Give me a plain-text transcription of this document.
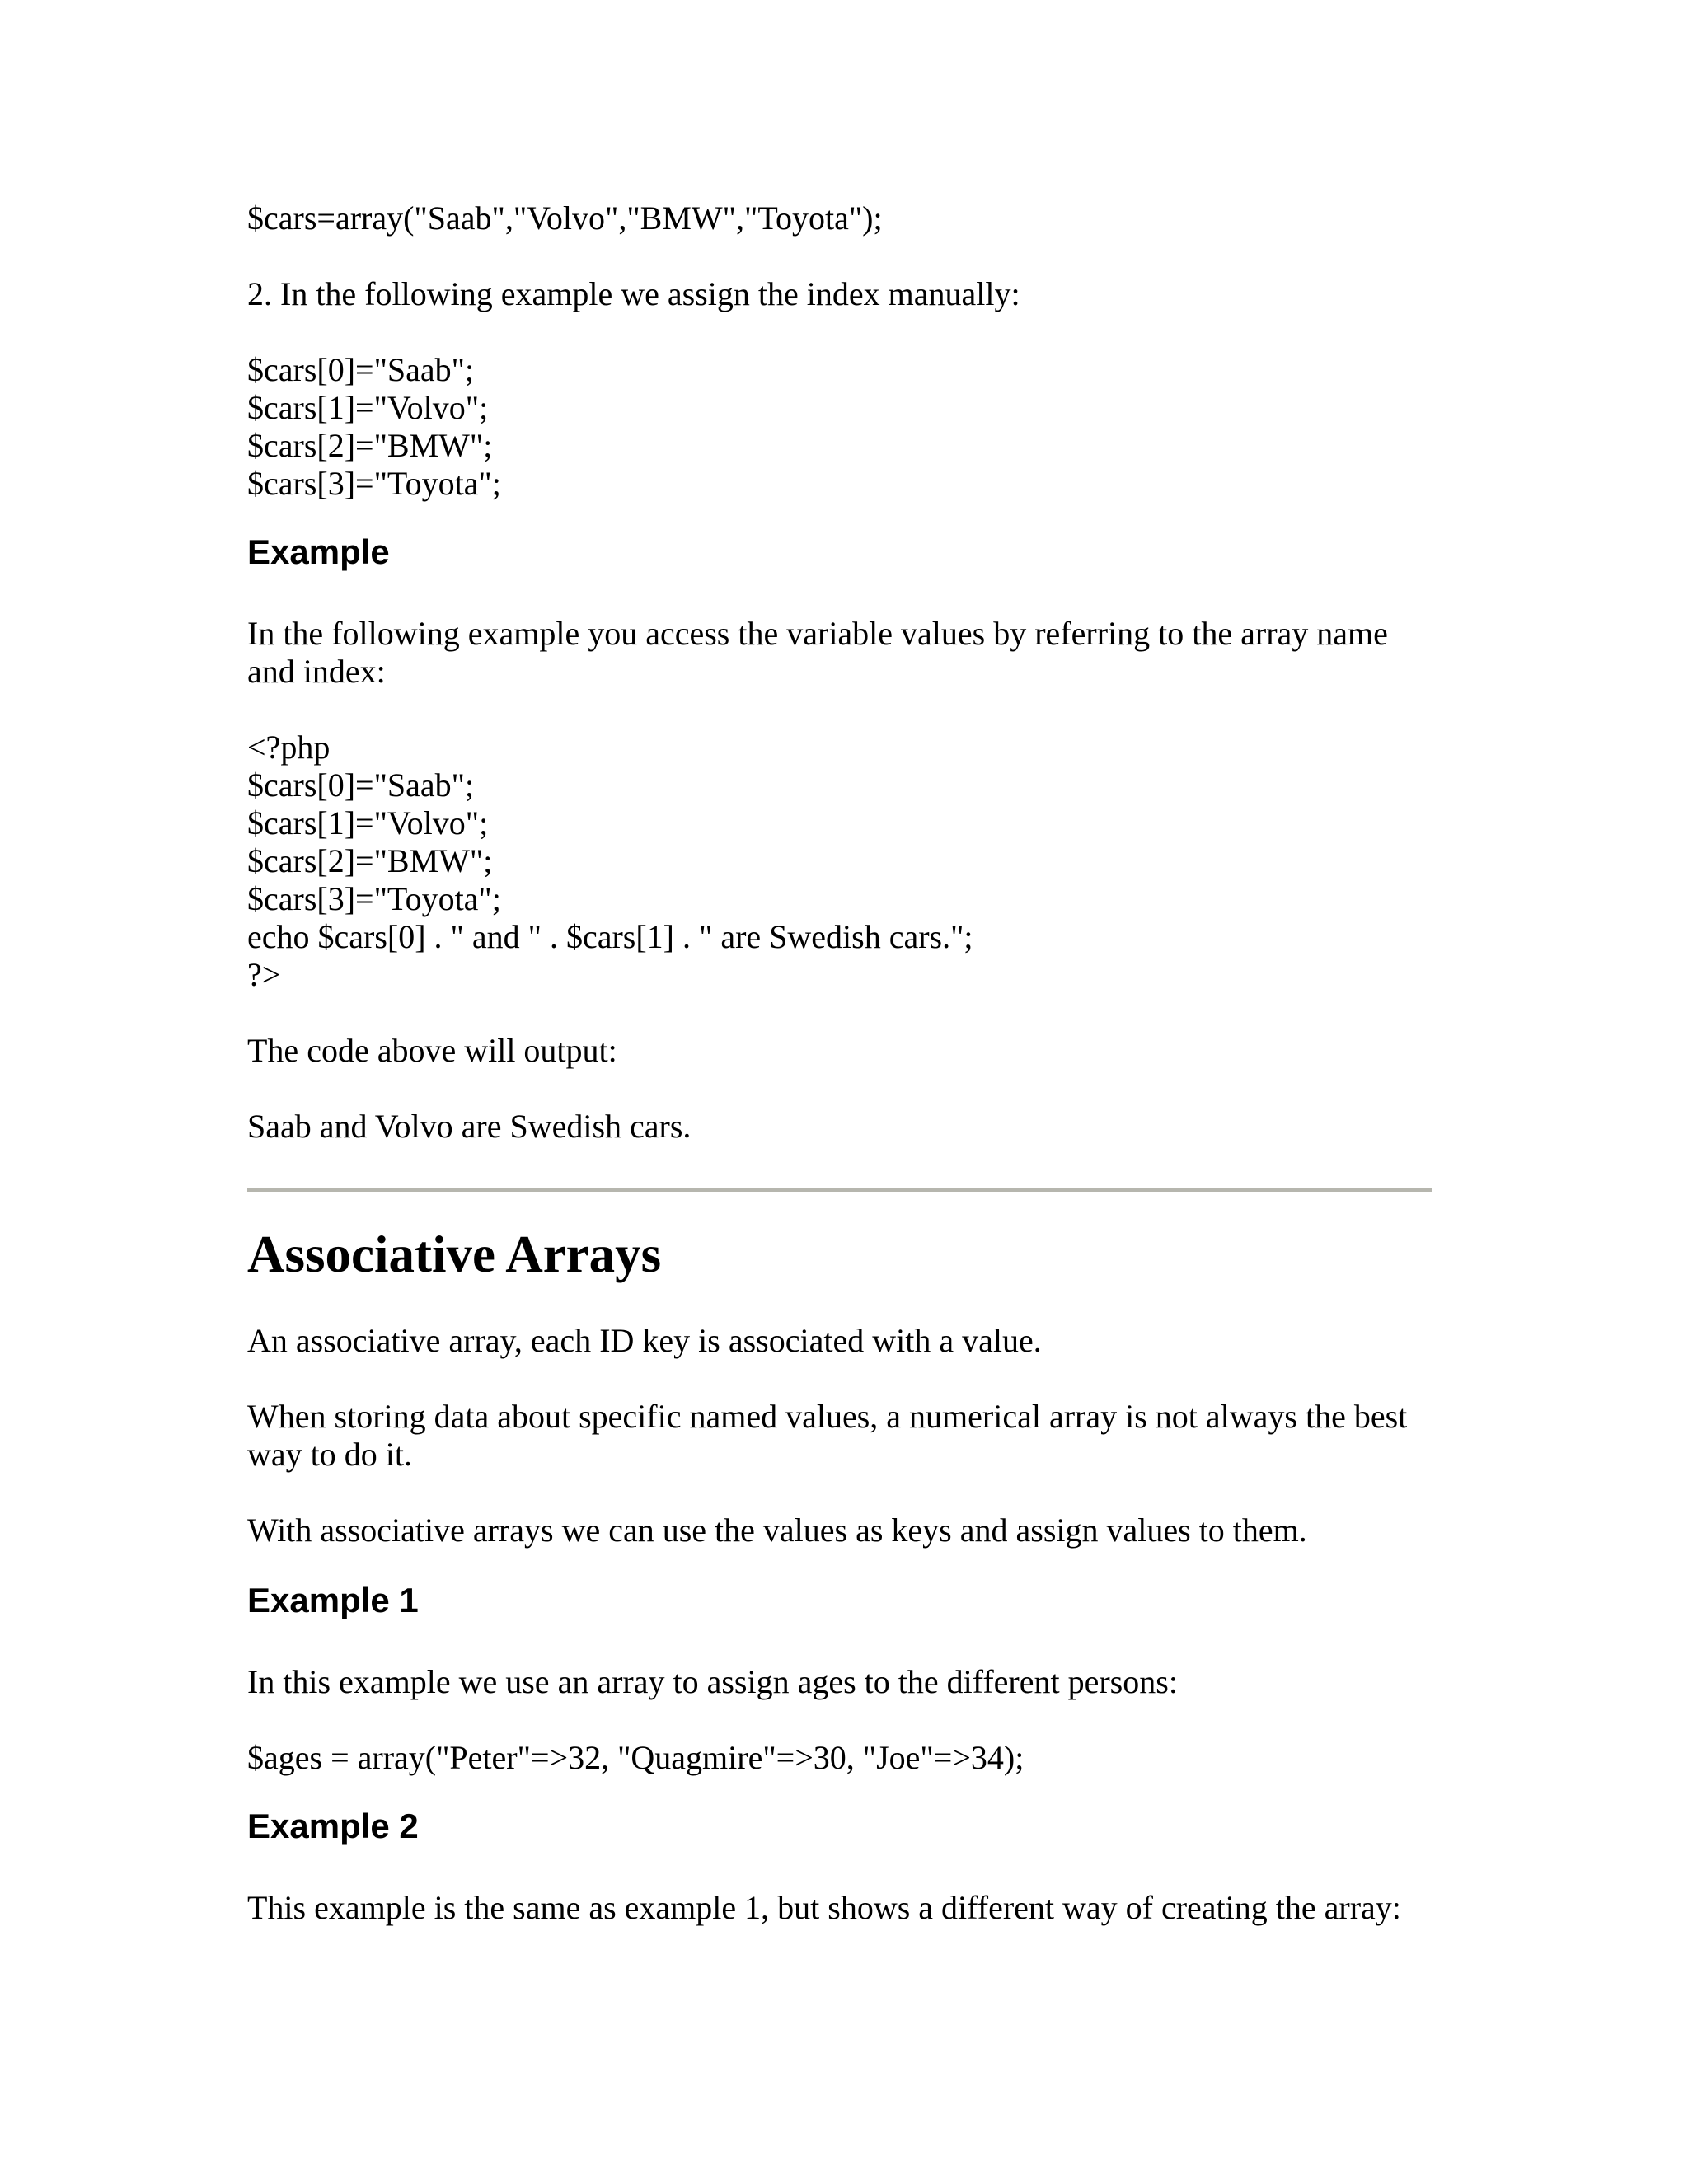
$cars=array("Saab","Volvo","BMW","Toyota");

2. In the following example we assign the index manually:

$cars[0]="Saab";

$cars[1]="Volvo";

$cars[2]="BMW";

$cars[3]="Toyota";

Example

In the following example you access the variable values by referring to the array name

and index:

<?php

$cars[0]="Saab";

$cars[1]="Volvo";

$cars[2]="BMW";

$cars[3]="Toyota";

echo $cars[0] . " and " . $cars[1] . " are Swedish cars.";

?>

The code above will output:

Saab and Volvo are Swedish cars.

Associative Arrays

An associative array, each ID key is associated with a value.

When storing data about specific named values, a numerical array is not always the best

way to do it.

With associative arrays we can use the values as keys and assign values to them.

Example 1

In this example we use an array to assign ages to the different persons:

$ages = array("Peter"=>32, "Quagmire"=>30, "Joe"=>34);

Example 2

This example is the same as example 1, but shows a different way of creating the array:
